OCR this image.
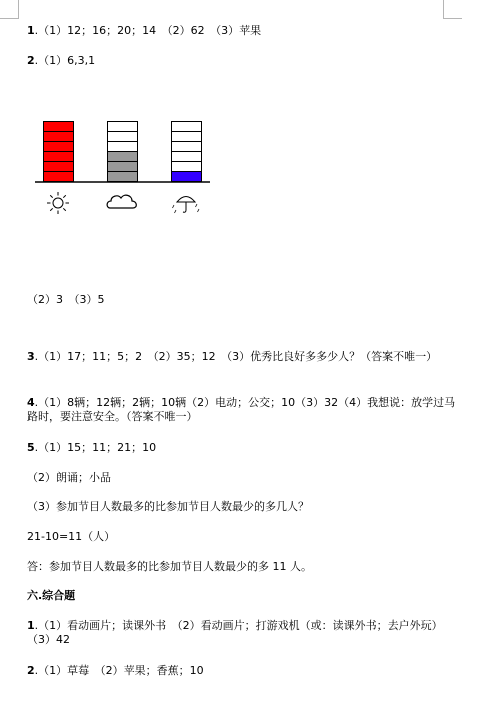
1.（1）12；16；20；14　（2）62　（3）苹果
2.（1）6,3,1
（2）3　（3）5
3.（1）17；11；5；2　（2）35；12　（3）优秀比良好多多少人？（答案不唯一）
4.（1）8辆；12辆；2辆；10辆（2）电动；公交；10（3）32（4）我想说：放学过马路时，要注意安全。（答案不唯一）
5.（1）15；11；21；10
（2）朗诵；小品
（3）参加节目人数最多的比参加节目人数最少的多几人？
21-10=11（人）
答：参加节目人数最多的比参加节目人数最少的多 11 人。
六.综合题
1.（1）看动画片；读课外书　（2）看动画片；打游戏机（或：读课外书；去户外玩）　（3）42
2.（1）草莓　（2）苹果；香蕉；10
